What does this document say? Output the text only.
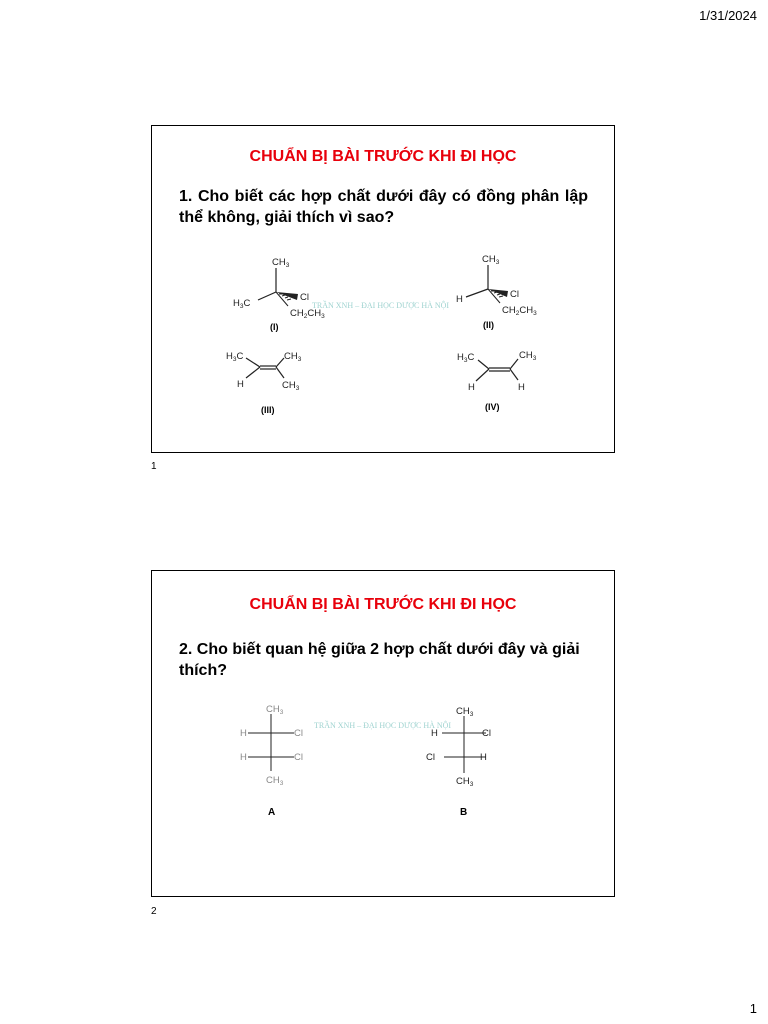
1/31/2024
CHUẨN BỊ BÀI TRƯỚC KHI ĐI HỌC
1. Cho biết các hợp chất dưới đây có đồng phân lập thể không, giải thích vì sao?
TRẦN XNH – ĐẠI HỌC DƯỢC HÀ NỘI
$CH_3$
$H_3C$
Cl
$CH_2CH_3$
(I)
$CH_3$
H	Cl
$CH_2CH_3$
(II)
$H_3C$	$CH_3$
H	$CH_3$
(III)
$H_3C$	$CH_3$
H	H
(IV)
1
CHUẨN BỊ BÀI TRƯỚC KHI ĐI HỌC
2. Cho biết quan hệ giữa 2 hợp chất dưới đây và giải thích?
TRẦN XNH – ĐẠI HỌC DƯỢC HÀ NỘI
$CH_3$
H	Cl
H	Cl
$CH_3$
A
$CH_3$
H	Cl
Cl	H
$CH_3$
B
2
1
